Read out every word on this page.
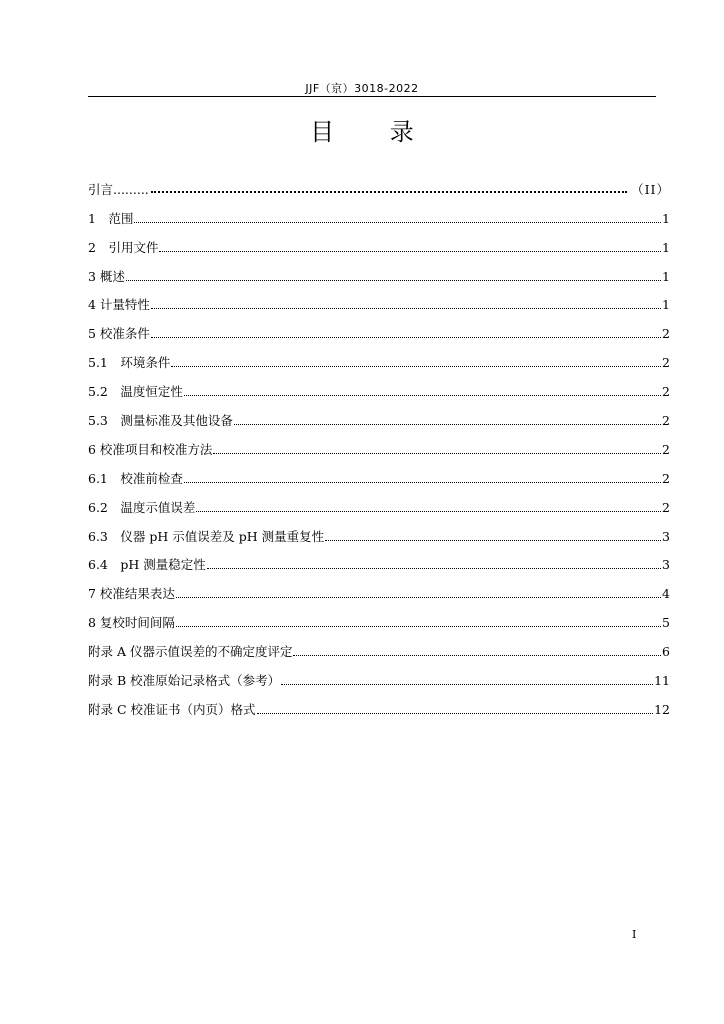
JJF（京）3018-2022
目 录
引言.........	（II）
1　范围	1
2　引用文件	1
3 概述	1
4 计量特性	1
5 校准条件	2
5.1　环境条件	2
5.2　温度恒定性	2
5.3　测量标准及其他设备	2
6 校准项目和校准方法	2
6.1　校准前检查	2
6.2　温度示值误差	2
6.3　仪器 pH 示值误差及 pH 测量重复性	3
6.4　pH 测量稳定性	3
7 校准结果表达	4
8 复校时间间隔	5
附录 A 仪器示值误差的不确定度评定	6
附录 B 校准原始记录格式（参考）	11
附录 C 校准证书（内页）格式	12
I
